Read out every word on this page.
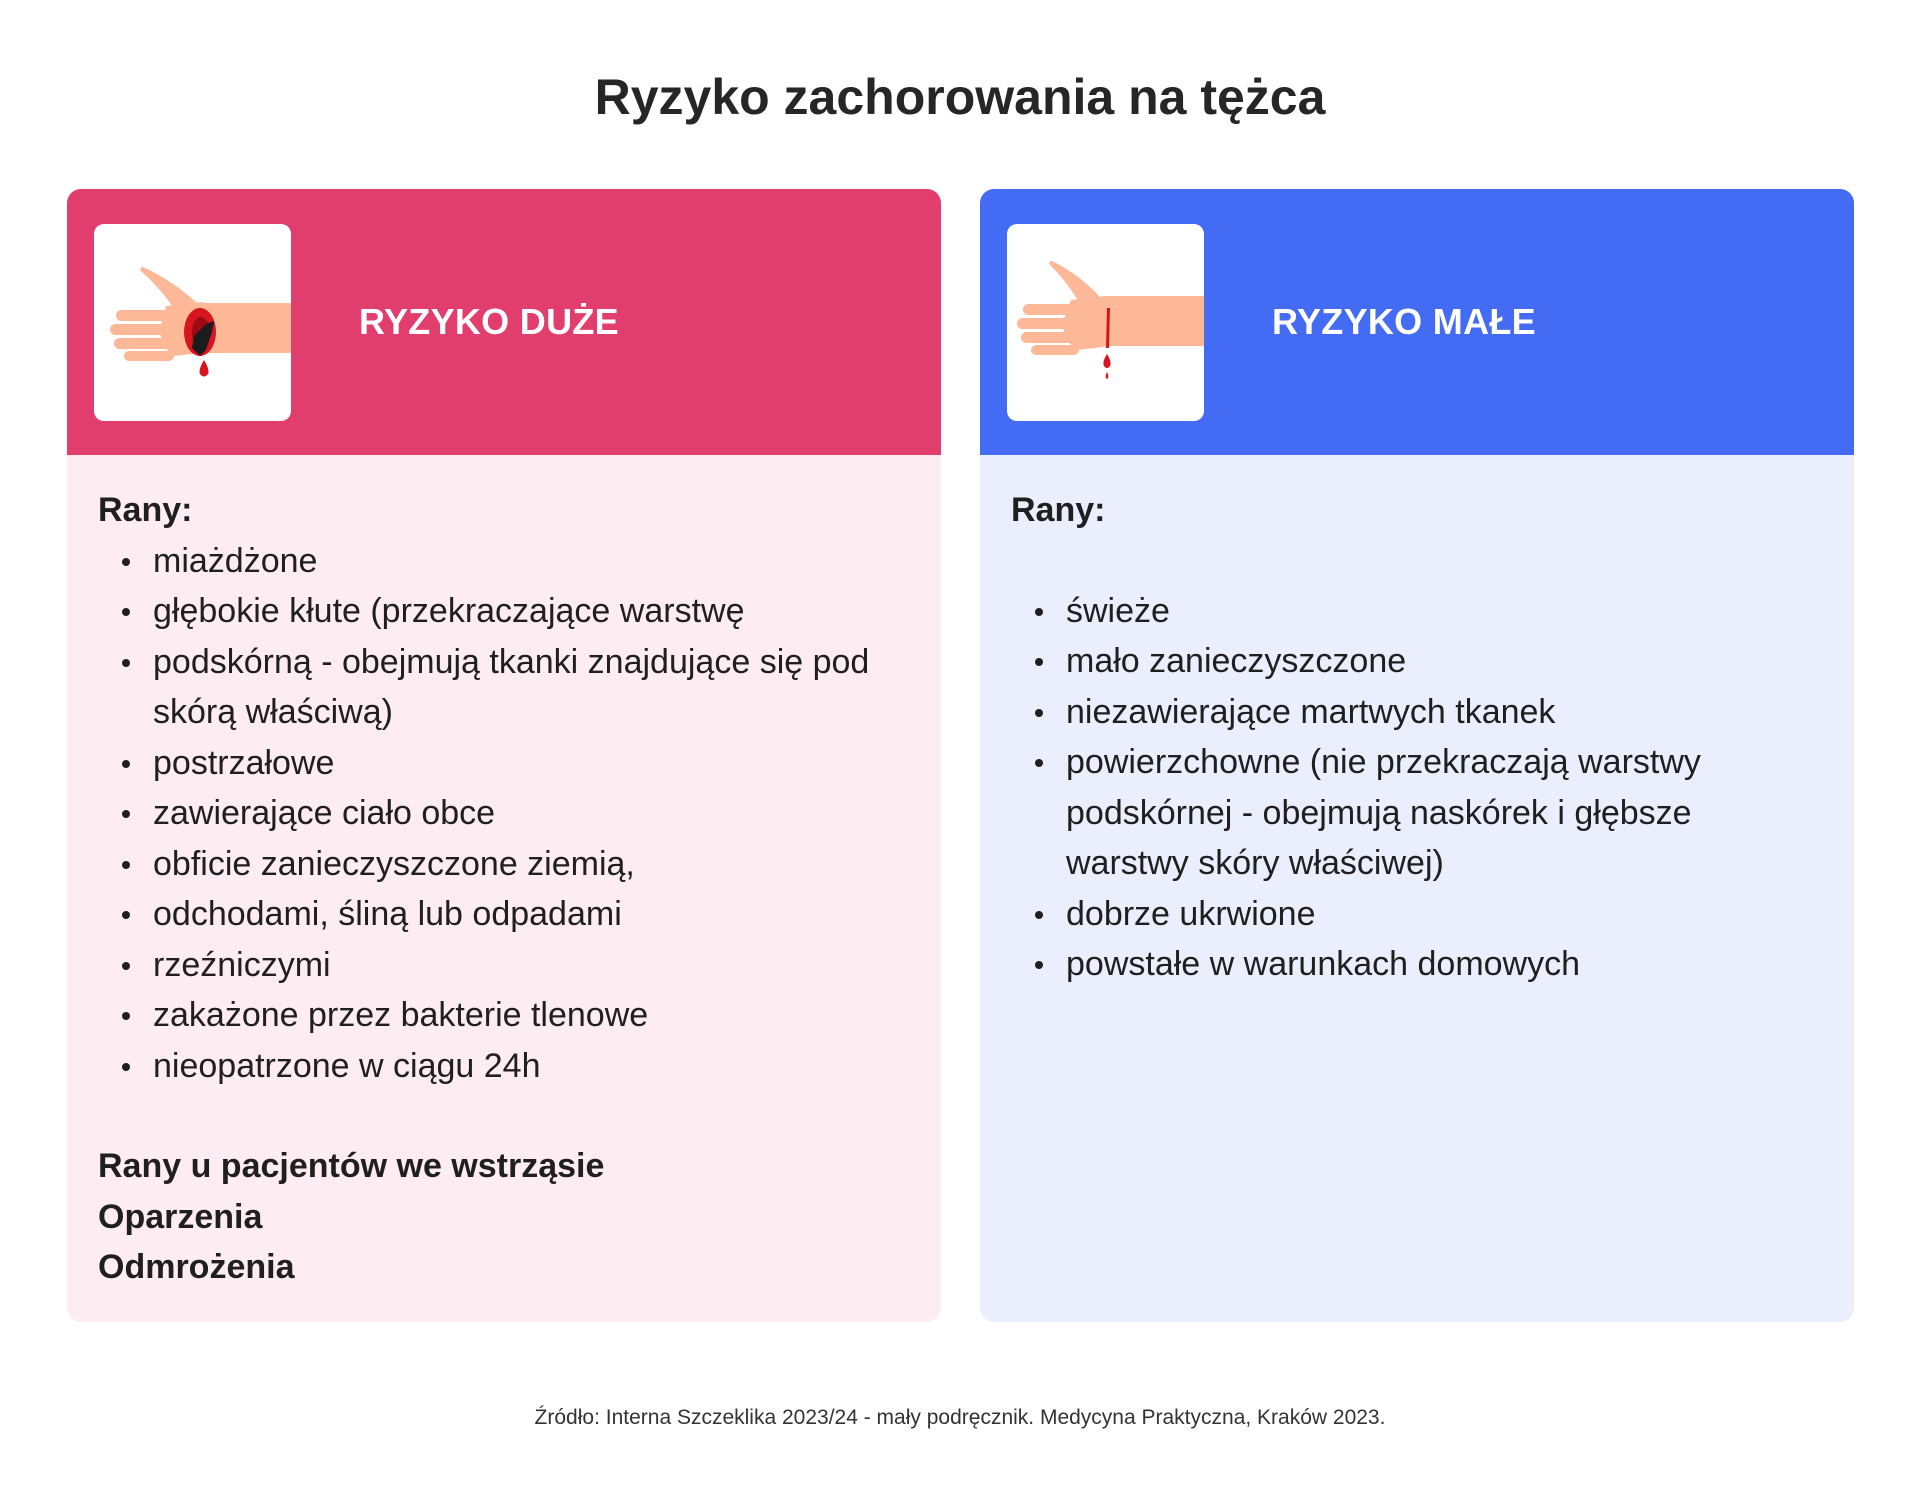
Ryzyko zachorowania na tężca
RYZYKO DUŻE

Rany:

miażdżone
głębokie kłute (przekraczające warstwę
podskórną - obejmują tkanki znajdujące się pod skórą właściwą)
postrzałowe
zawierające ciało obce
obficie zanieczyszczone ziemią,
odchodami, śliną lub odpadami
rzeźniczymi
zakażone przez bakterie tlenowe
nieopatrzone w ciągu 24h

Rany u pacjentów we wstrząsie

Oparzenia

Odmrożenia

RYZYKO MAŁE

Rany:

świeże
mało zanieczyszczone
niezawierające martwych tkanek
powierzchowne (nie przekraczają warstwy podskórnej - obejmują naskórek i głębsze warstwy skóry właściwej)
dobrze ukrwione
powstałe w warunkach domowych
Źródło: Interna Szczeklika 2023/24 - mały podręcznik. Medycyna Praktyczna, Kraków 2023.
